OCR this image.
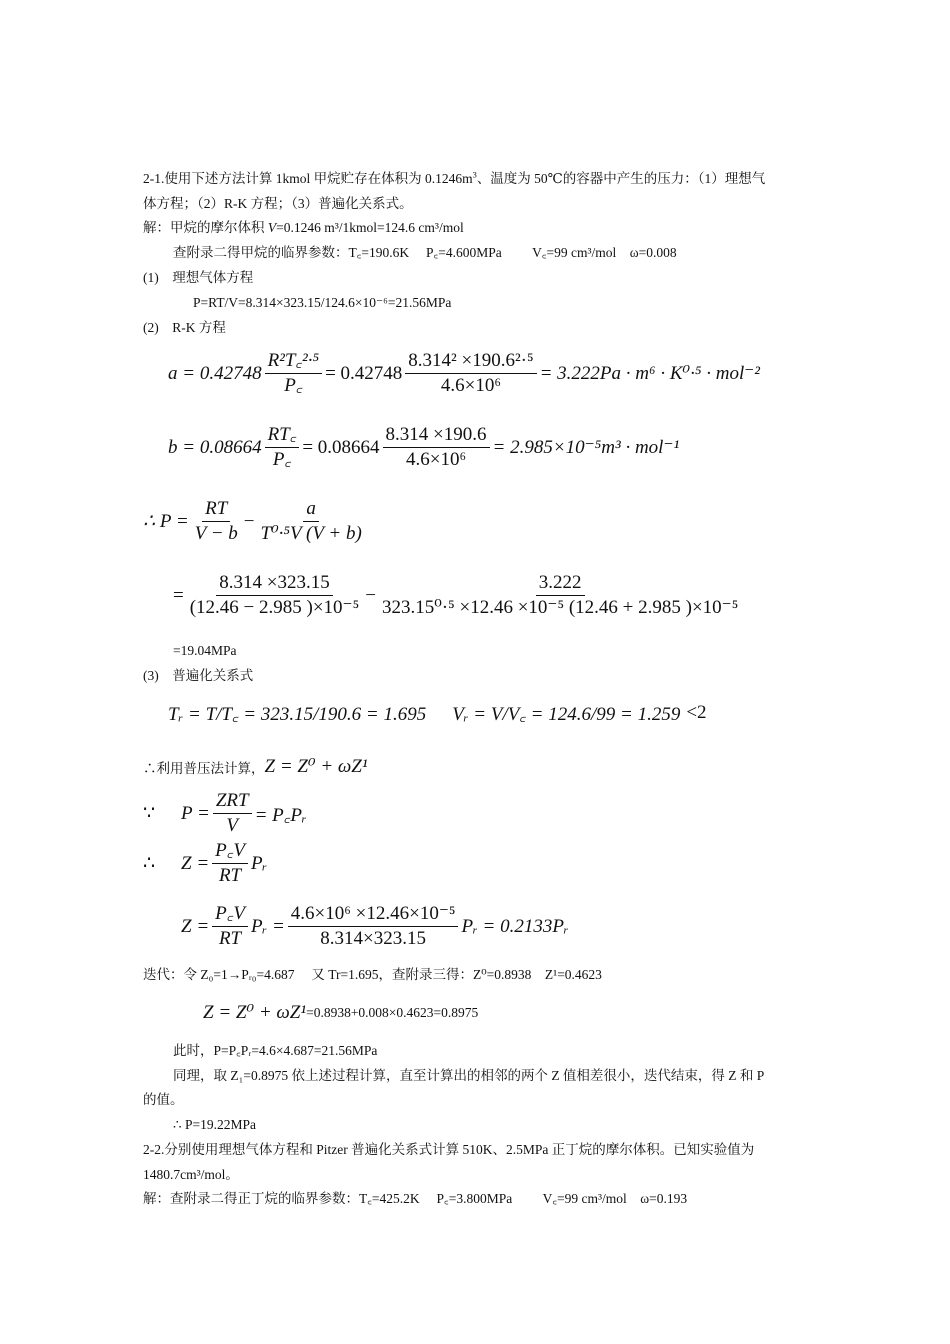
2-1.使用下述方法计算 1kmol 甲烷贮存在体积为 $0.1246m^3$、温度为 50℃的容器中产生的压力：（1）理想气
体方程；（2）R-K 方程；（3）普遍化关系式。
解：甲烷的摩尔体积 V=0.1246 m³/1kmol=124.6 cm³/mol
查附录二得甲烷的临界参数：T꜀=190.6K　 P꜀=4.600MPa　 　V꜀=99 cm³/mol　ω=0.008
(1)　理想气体方程
P=RT/V=8.314×323.15/124.6×10⁻⁶=21.56MPa
(2)　R-K 方程
$a = 0.42748 \frac{\text{R²T꜀²·⁵}}{P꜀} = 0.42748 \frac{\text{8.314² ×190.6²·⁵}}{\text{4.6×10⁶}} = 3.222Pa \cdot m^6 \cdot K^0\cdot^5 \cdot mol^{-2}$
$b = 0.08664 \frac{RT꜀}{P꜀} = 0.08664 \frac{8.314 \times 190.6}{\text{4.6×10⁶}} = 2.985\times 10^{-5}m^3 \cdot mol^{-1}$
∴ $P = \frac{RT}{V - b} - \frac{a}{\text{T⁰·⁵V (V + b)}}$
= $\frac{8.314 \times 323.15}{\text{(12.46 − 2.985 )×10⁻⁵}} - \frac{3.222}{\text{323.15⁰·⁵ ×12.46 ×10⁻⁵ (12.46 + 2.985 )×10⁻⁵}}$
=19.04MPa
(3)　普遍化关系式
Tᵣ = T/T꜀ = 323.15/190.6 = 1.695 Vᵣ = V/V꜀ = 124.6/99 = 1.259 <2
∴利用普压法计算， Z = Z⁰ + ωZ¹
∵	P =
ZRT
V = P꜀Pᵣ
∴	$Z = \frac{P꜀V}{RT}$ Pᵣ
$Z = \frac{P꜀V}{RT}$ Pᵣ = $\frac{\text{4.6×10⁶ ×12.46×10⁻⁵}}{8.314\times 323.15}$ Pᵣ = 0.2133Pᵣ
迭代：令 Z₀=1→Pᵣ₀=4.687　 又 Tr=1.695，查附录三得：Z⁰=0.8938　Z¹=0.4623
Z = Z⁰ + ωZ¹ =0.8938+0.008×0.4623=0.8975
此时，P=P꜀Pᵣ=4.6×4.687=21.56MPa
同理，取 Z₁=0.8975 依上述过程计算，直至计算出的相邻的两个 Z 值相差很小，迭代结束，得 Z 和 P
的值。
∴ P=19.22MPa
2-2.分别使用理想气体方程和 Pitzer 普遍化关系式计算 510K、2.5MPa 正丁烷的摩尔体积。已知实验值为
1480.7cm³/mol。
解：查附录二得正丁烷的临界参数：T꜀=425.2K　 P꜀=3.800MPa　 　V꜀=99 cm³/mol　ω=0.193
